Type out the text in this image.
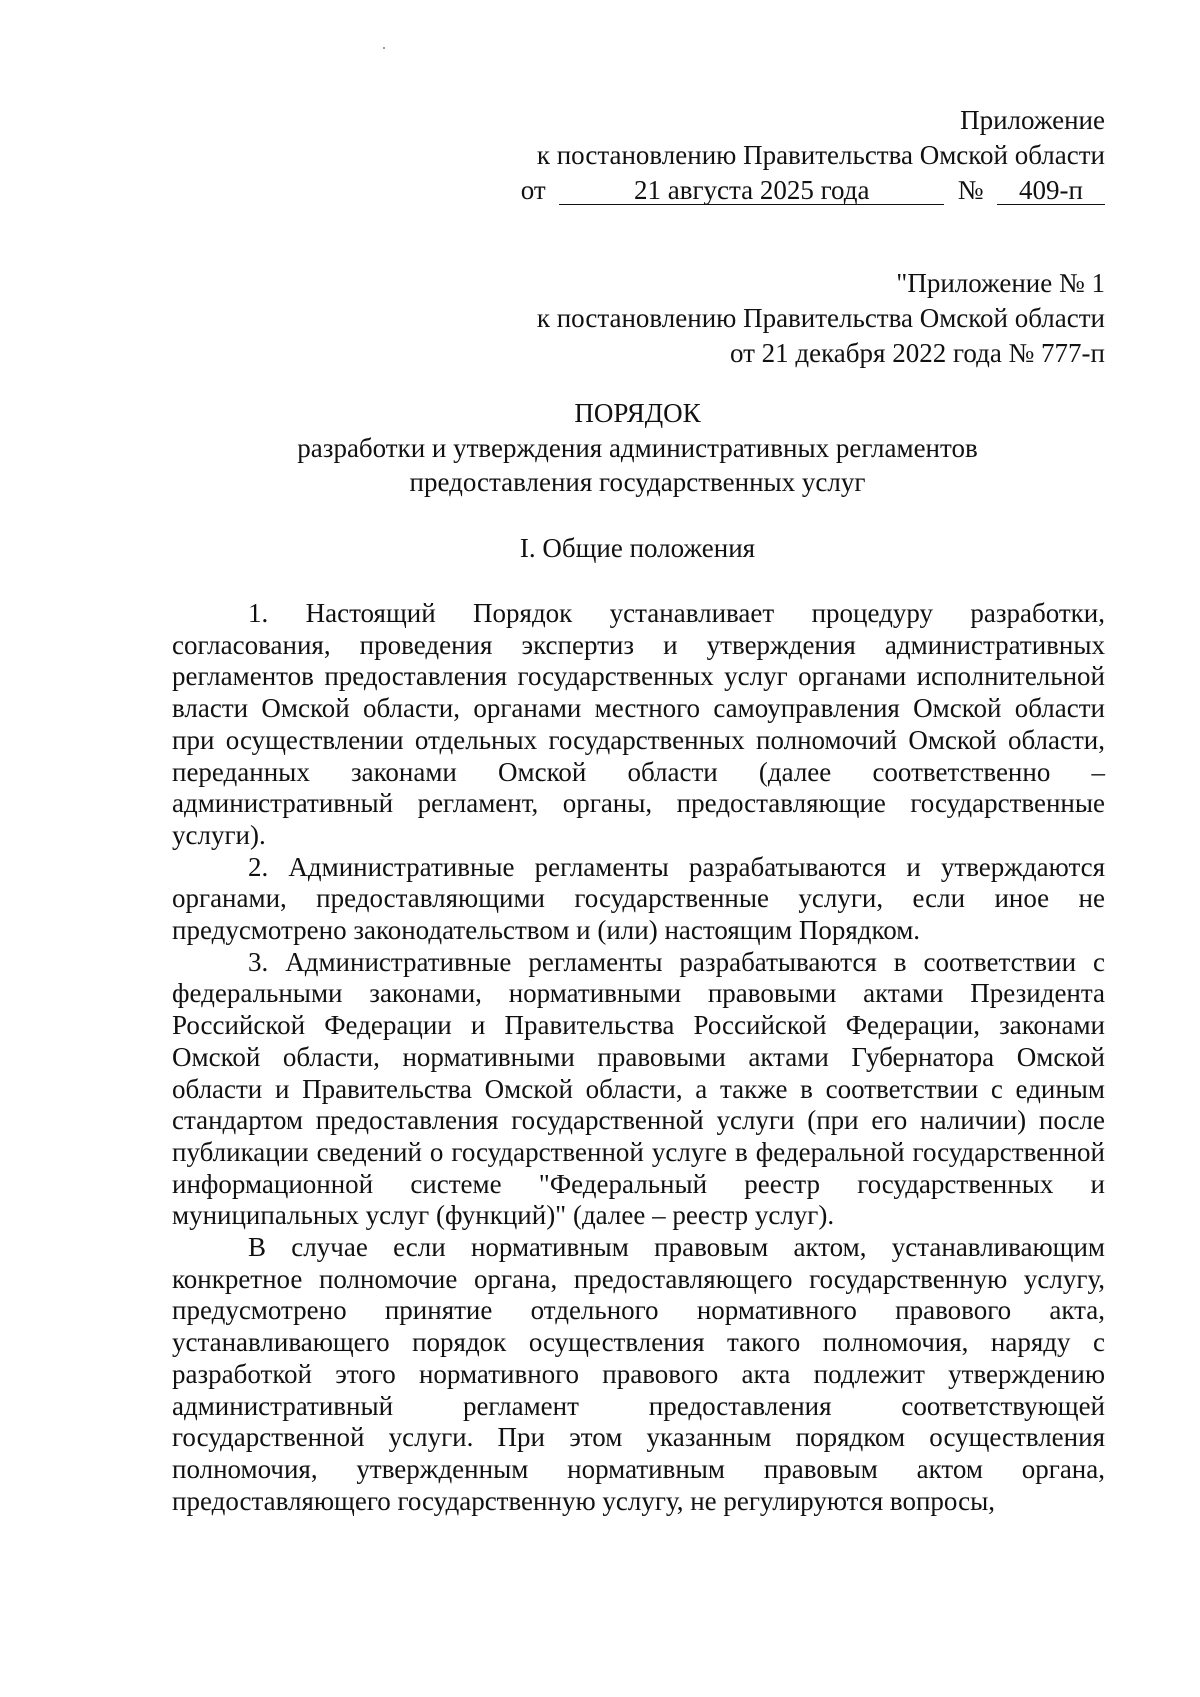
Приложение
к постановлению Правительства Омской области
от	21 августа 2025 года	№ 409-п
"Приложение № 1
к постановлению Правительства Омской области
от 21 декабря 2022 года № 777-п
ПОРЯДОК
разработки и утверждения административных регламентов
предоставления государственных услуг
I. Общие положения

1. Настоящий Порядок устанавливает процедуру разработки, согласования, проведения экспертиз и утверждения административных регламентов предоставления государственных услуг органами исполнительной власти Омской области, органами местного самоуправления Омской области при осуществлении отдельных государственных полномочий Омской области, переданных законами Омской области (далее соответственно – административный регламент, органы, предоставляющие государственные услуги).

2. Административные регламенты разрабатываются и утверждаются органами, предоставляющими государственные услуги, если иное не предусмотрено законодательством и (или) настоящим Порядком.

3. Административные регламенты разрабатываются в соответствии с федеральными законами, нормативными правовыми актами Президента Российской Федерации и Правительства Российской Федерации, законами Омской области, нормативными правовыми актами Губернатора Омской области и Правительства Омской области, а также в соответствии с единым стандартом предоставления государственной услуги (при его наличии) после публикации сведений о государственной услуге в федеральной государственной информационной системе "Федеральный реестр государственных и муниципальных услуг (функций)" (далее – реестр услуг).

В случае если нормативным правовым актом, устанавливающим конкретное полномочие органа, предоставляющего государственную услугу, предусмотрено принятие отдельного нормативного правового акта, устанавливающего порядок осуществления такого полномочия, наряду с разработкой этого нормативного правового акта подлежит утверждению административный регламент предоставления соответствующей государственной услуги. При этом указанным порядком осуществления полномочия, утвержденным нормативным правовым актом органа, предоставляющего государственную услугу, не регулируются вопросы,
